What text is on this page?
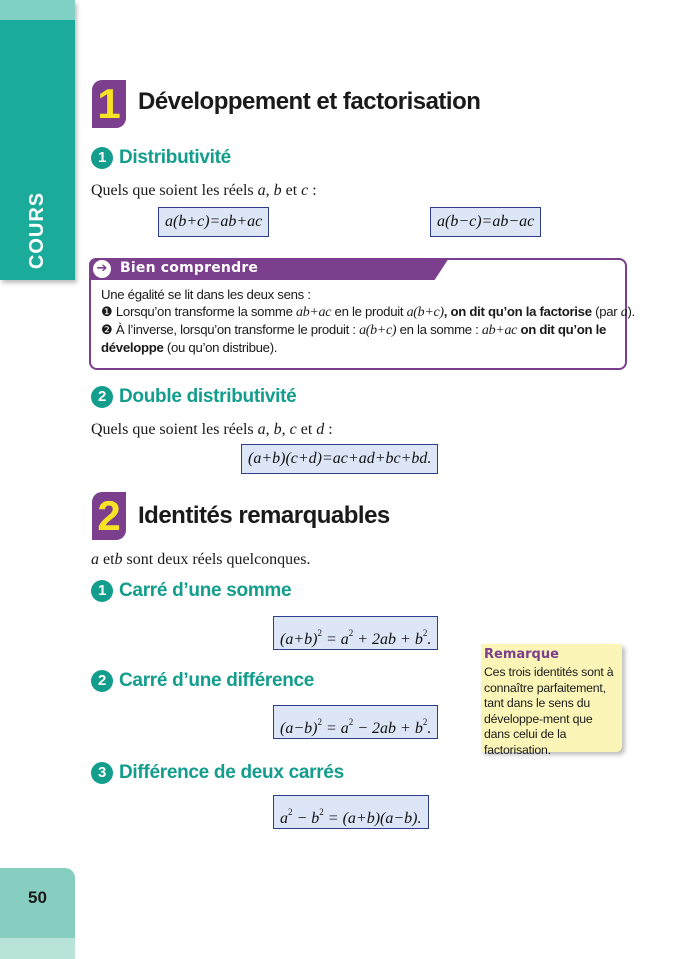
COURS
50
1 Développement et factorisation
1 Distributivité
Quels que soient les réels a, b et c :
a(b+c)=ab+ac	a(b−c)=ab−ac
➔ Bien comprendre
Une égalité se lit dans les deux sens :
❶ Lorsqu’on transforme la somme ab+ac en le produit a(b+c), on dit qu’on la factorise (par a).
❷ À l’inverse, lorsqu’on transforme le produit : a(b+c) en la somme : ab+ac on dit qu’on le
développe (ou qu’on distribue).
2 Double distributivité
Quels que soient les réels a, b, c et d :
(a+b)(c+d)=ac+ad+bc+bd.
2 Identités remarquables
a etb sont deux réels quelconques.
1 Carré d’une somme
$(a+b)^2 = a^2 + 2ab + b^2$.
2 Carré d’une différence
$(a-b)^2 = a^2 - 2ab + b^2$.
3 Différence de deux carrés
$a^2 - b^2 = (a+b)(a-b)$.
Remarque
Ces trois identités sont à connaître parfaitement, tant dans le sens du développe-ment que dans celui de la factorisation.
